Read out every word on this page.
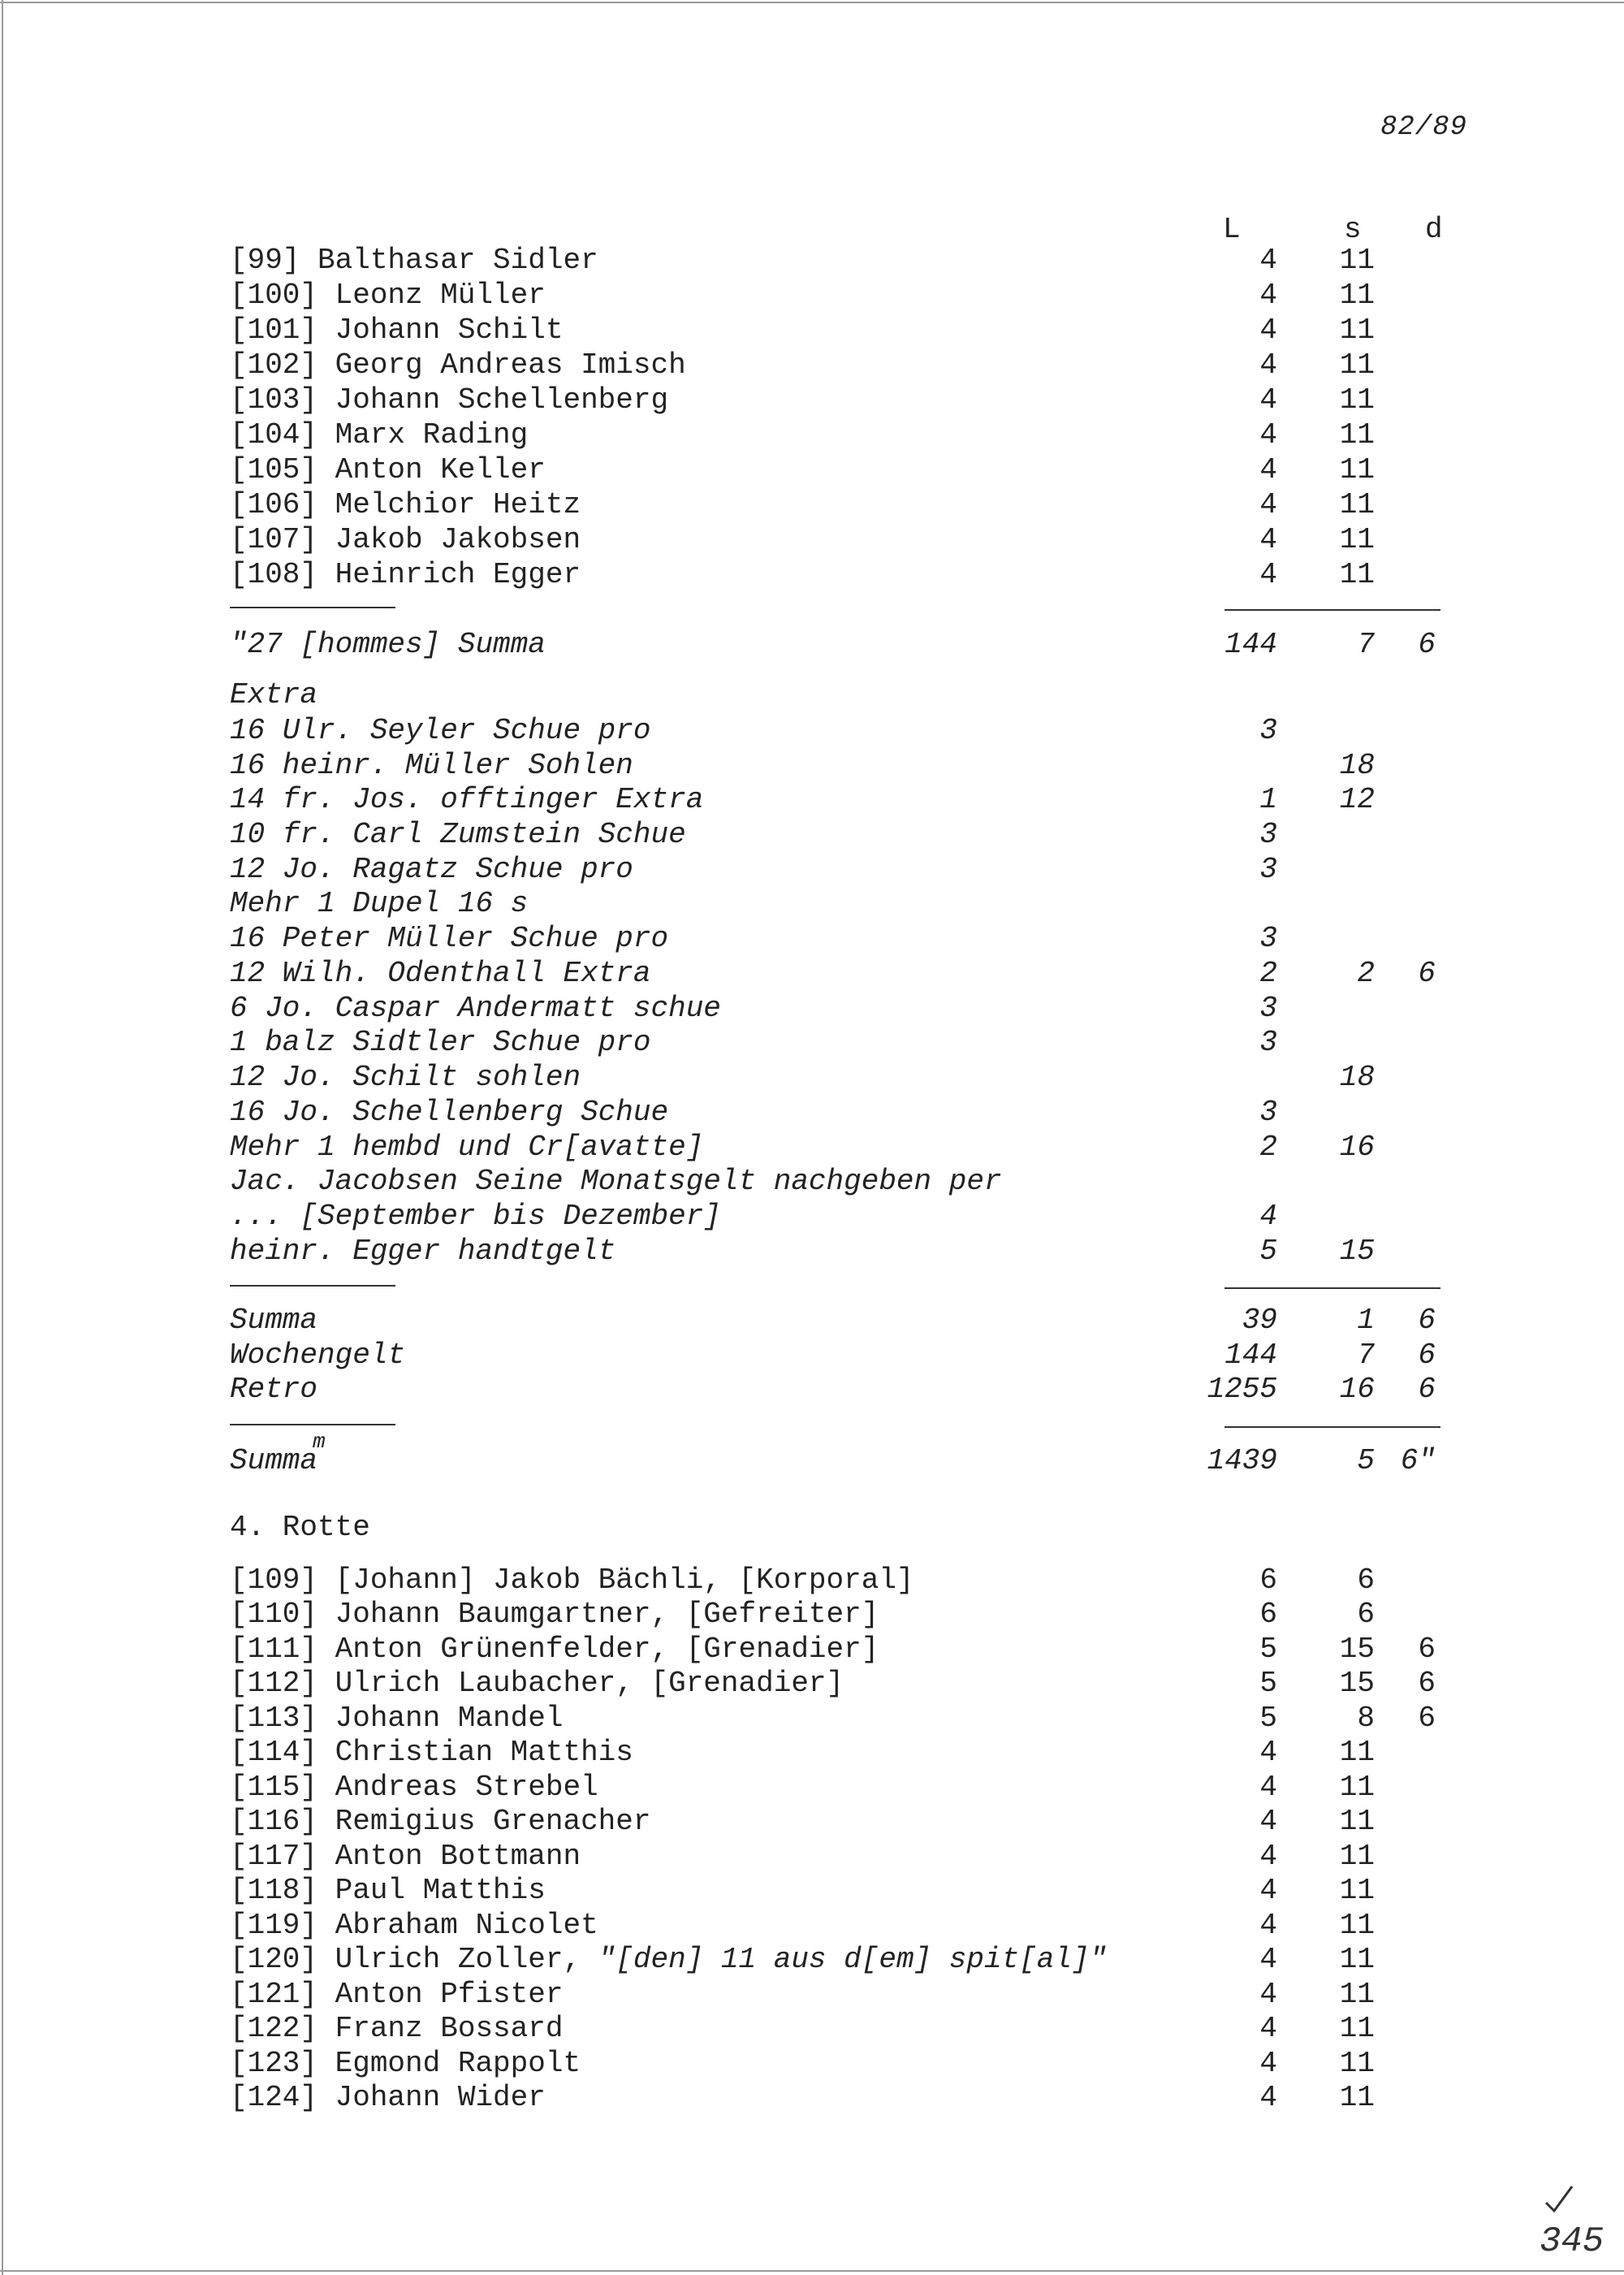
82/89
L	s d
[99] Balthasar Sidler	4	11
[100] Leonz Müller	4	11
[101] Johann Schilt	4	11
[102] Georg Andreas Imisch	4	11
[103] Johann Schellenberg	4	11
[104] Marx Rading	4	11
[105] Anton Keller	4	11
[106] Melchior Heitz	4	11
[107] Jakob Jakobsen	4	11
[108] Heinrich Egger	4	11
"27 [hommes] Summa	144	7	6
Extra
16 Ulr. Seyler Schue pro	3
16 heinr. Müller Sohlen	18
14 fr. Jos. offtinger Extra	1	12
10 fr. Carl Zumstein Schue	3
12 Jo. Ragatz Schue pro	3
Mehr 1 Dupel 16 s
16 Peter Müller Schue pro	3
12 Wilh. Odenthall Extra	2	2	6
6 Jo. Caspar Andermatt schue	3
1 balz Sidtler Schue pro	3
12 Jo. Schilt sohlen	18
16 Jo. Schellenberg Schue	3
Mehr 1 hembd und Cr[avatte]	2	16
Jac. Jacobsen Seine Monatsgelt nachgeben per
... [September bis Dezember]	4
heinr. Egger handtgelt	5	15
Summa	39	1	6
Wochengelt	144	7	6
Retro	1255	16	6
Summa	1439	5 6"
m
4. Rotte
[109] [Johann] Jakob Bächli, [Korporal]	6	6
[110] Johann Baumgartner, [Gefreiter]	6	6
[111] Anton Grünenfelder, [Grenadier]	5	15	6
[112] Ulrich Laubacher, [Grenadier]	5	15	6
[113] Johann Mandel	5	8	6
[114] Christian Matthis	4	11
[115] Andreas Strebel	4	11
[116] Remigius Grenacher	4	11
[117] Anton Bottmann	4	11
[118] Paul Matthis	4	11
[119] Abraham Nicolet	4	11
[120] Ulrich Zoller, "[den] 11 aus d[em] spit[al]"	4	11
[121] Anton Pfister	4	11
[122] Franz Bossard	4	11
[123] Egmond Rappolt	4	11
[124] Johann Wider	4	11
345
